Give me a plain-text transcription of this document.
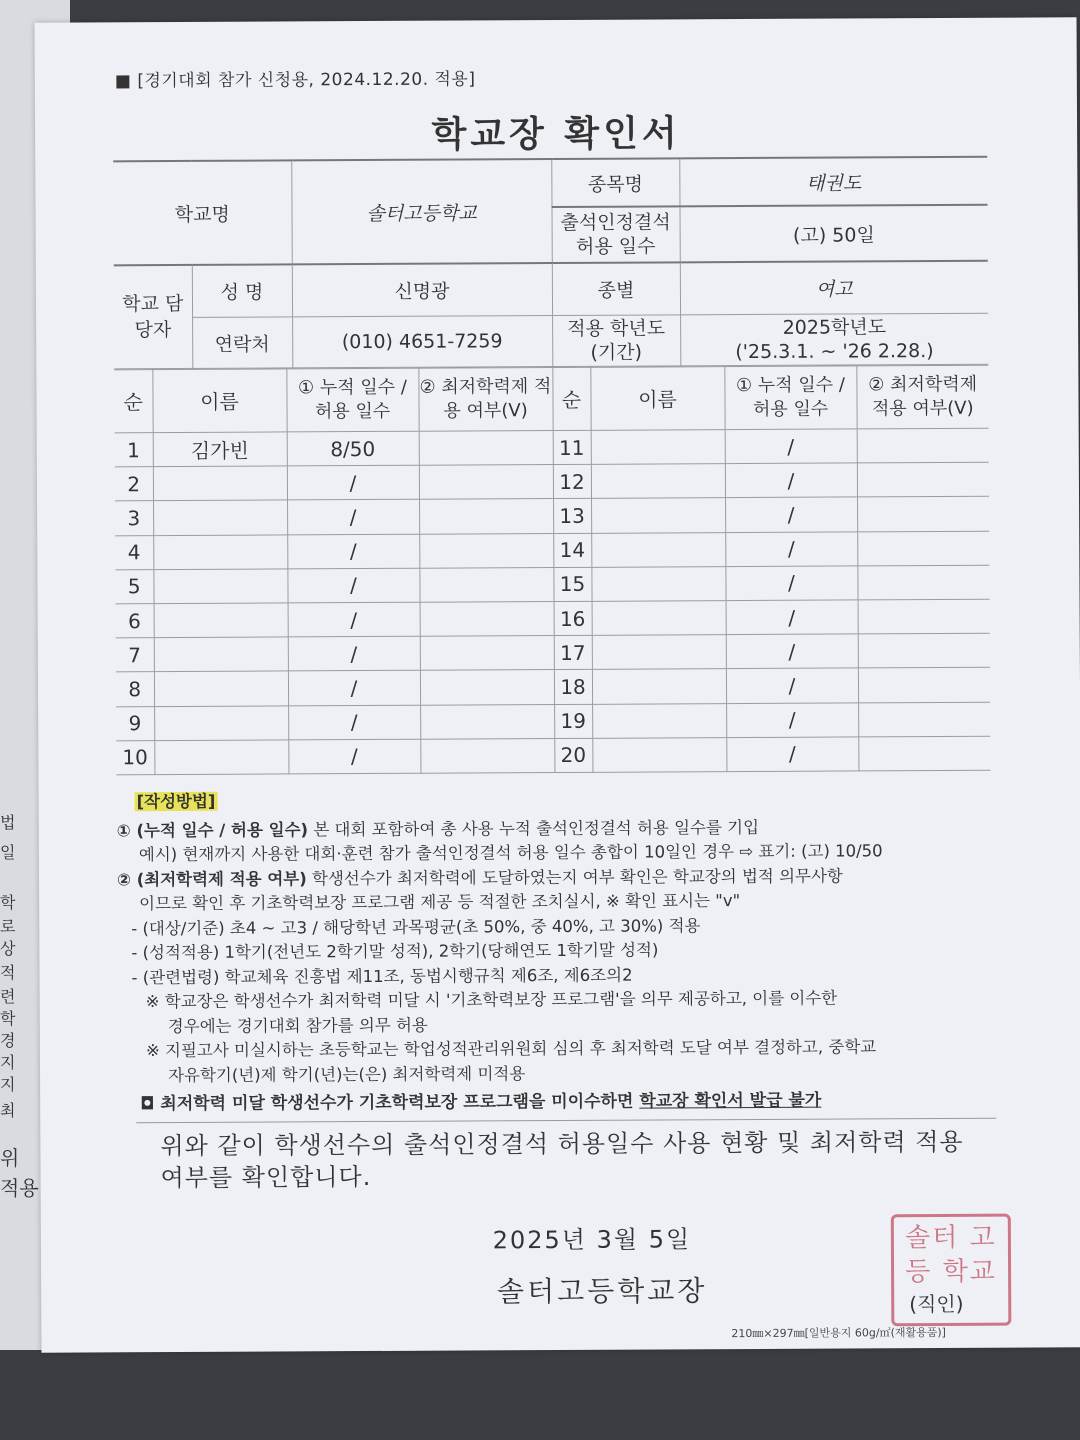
법
일
학
로
상
적
련
학
경
지
지
최
위
적용
■ [경기대회 참가 신청용, 2024.12.20. 적용]
학교장 확인서
학교명		솔터고등학교	종목명	태권도
			출석인정결석 허용 일수	(고) 50일
학교 담당자	성 명	신명광	종별	여고
	연락처	(010) 4651-7259	적용 학년도 (기간)	2025학년도
('25.3.1. ~ '26 2.28.)
순	이름	① 누적 일수 / 허용 일수	② 최저학력제 적용 여부(V)	순	이름	① 누적 일수 / 허용 일수	② 최저학력제 적용 여부(V)
1	김가빈	8/50		11		/	
2		/		12		/	
3		/		13		/	
4		/		14		/	
5		/		15		/	
6		/		16		/	
7		/		17		/	
8		/		18		/	
9		/		19		/	
10		/		20		/	
[작성방법]
① (누적 일수 / 허용 일수) 본 대회 포함하여 총 사용 누적 출석인정결석 허용 일수를 기입
예시) 현재까지 사용한 대회·훈련 참가 출석인정결석 허용 일수 총합이 10일인 경우 ⇨ 표기: (고) 10/50
② (최저학력제 적용 여부) 학생선수가 최저학력에 도달하였는지 여부 확인은 학교장의 법적 의무사항
이므로 확인 후 기초학력보장 프로그램 제공 등 적절한 조치실시, ※ 확인 표시는 "v"
- (대상/기준) 초4 ~ 고3 / 해당학년 과목평균(초 50%, 중 40%, 고 30%) 적용
- (성적적용) 1학기(전년도 2학기말 성적), 2학기(당해연도 1학기말 성적)
- (관련법령) 학교체육 진흥법 제11조, 동법시행규칙 제6조, 제6조의2
※ 학교장은 학생선수가 최저학력 미달 시 '기초학력보장 프로그램'을 의무 제공하고, 이를 이수한
경우에는 경기대회 참가를 의무 허용
※ 지필고사 미실시하는 초등학교는 학업성적관리위원회 심의 후 최저학력 도달 여부 결정하고, 중학교
자유학기(년)제 학기(년)는(은) 최저학력제 미적용
◘ 최저학력 미달 학생선수가 기초학력보장 프로그램을 미이수하면 학교장 확인서 발급 불가
위와 같이 학생선수의 출석인정결석 허용일수 사용 현황 및 최저학력 적용 여부를 확인합니다.
2025년 3월 5일
솔터고등학교장
솔터 고등 학교
(직인)
210㎜×297㎜[일반용지 60g/㎡(재활용품)]
